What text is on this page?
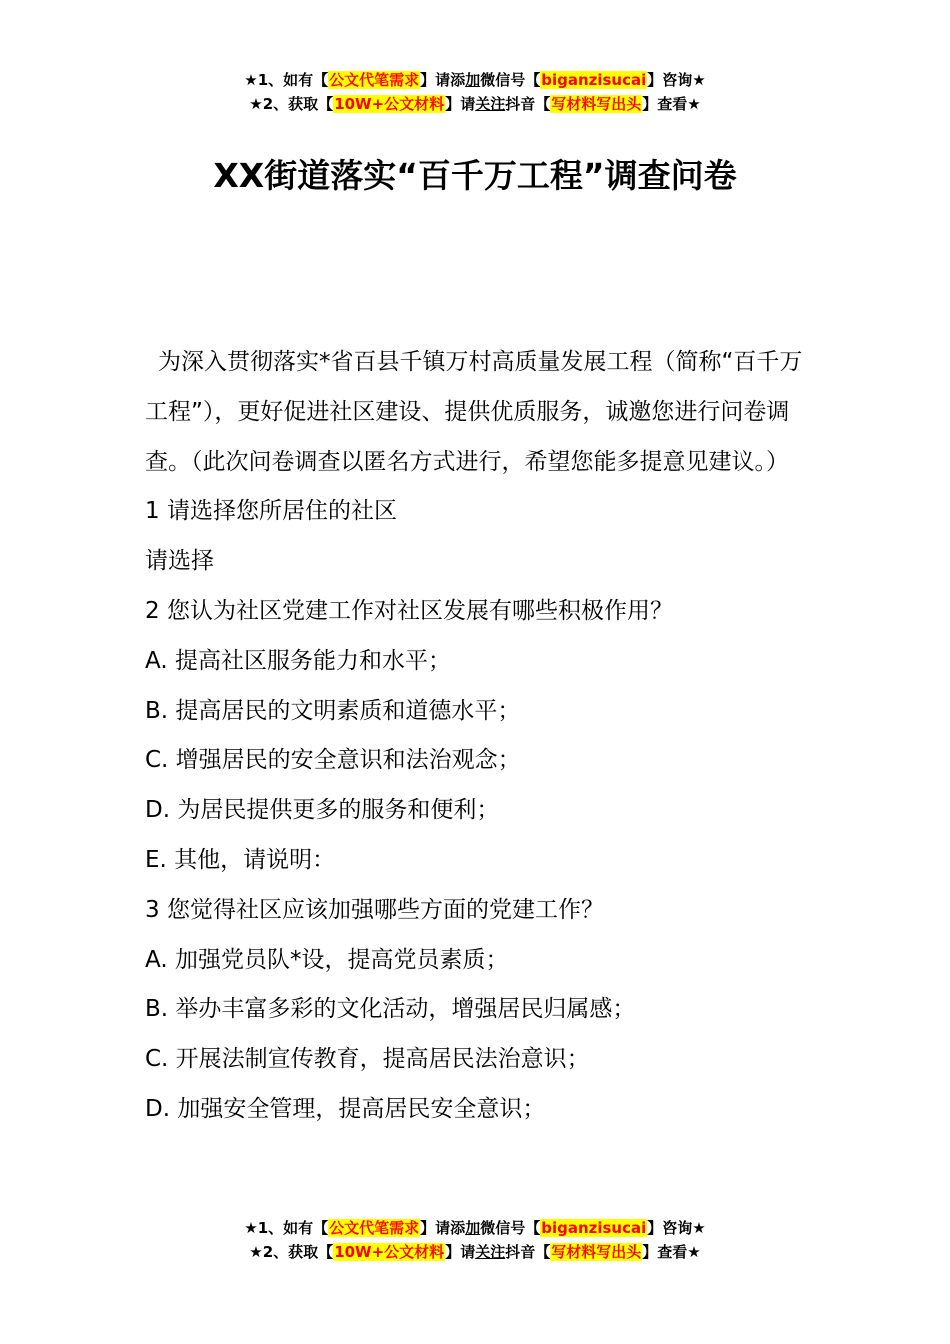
★1、如有【公文代笔需求】请添加微信号【biganzisucai】咨询★
★2、获取【10W+公文材料】请关注抖音【写材料写出头】查看★
XX街道落实“百千万工程”调查问卷

为深入贯彻落实*省百县千镇万村高质量发展工程（简称“百千万工程”），更好促进社区建设、提供优质服务，诚邀您进行问卷调查。（此次问卷调查以匿名方式进行，希望您能多提意见建议。）

1 请选择您所居住的社区

请选择

2 您认为社区党建工作对社区发展有哪些积极作用？

A. 提高社区服务能力和水平；

B. 提高居民的文明素质和道德水平；

C. 增强居民的安全意识和法治观念；

D. 为居民提供更多的服务和便利；

E. 其他，请说明：

3 您觉得社区应该加强哪些方面的党建工作？

A. 加强党员队*设，提高党员素质；

B. 举办丰富多彩的文化活动，增强居民归属感；

C. 开展法制宣传教育，提高居民法治意识；

D. 加强安全管理，提高居民安全意识；

★1、如有【公文代笔需求】请添加微信号【biganzisucai】咨询★
★2、获取【10W+公文材料】请关注抖音【写材料写出头】查看★
